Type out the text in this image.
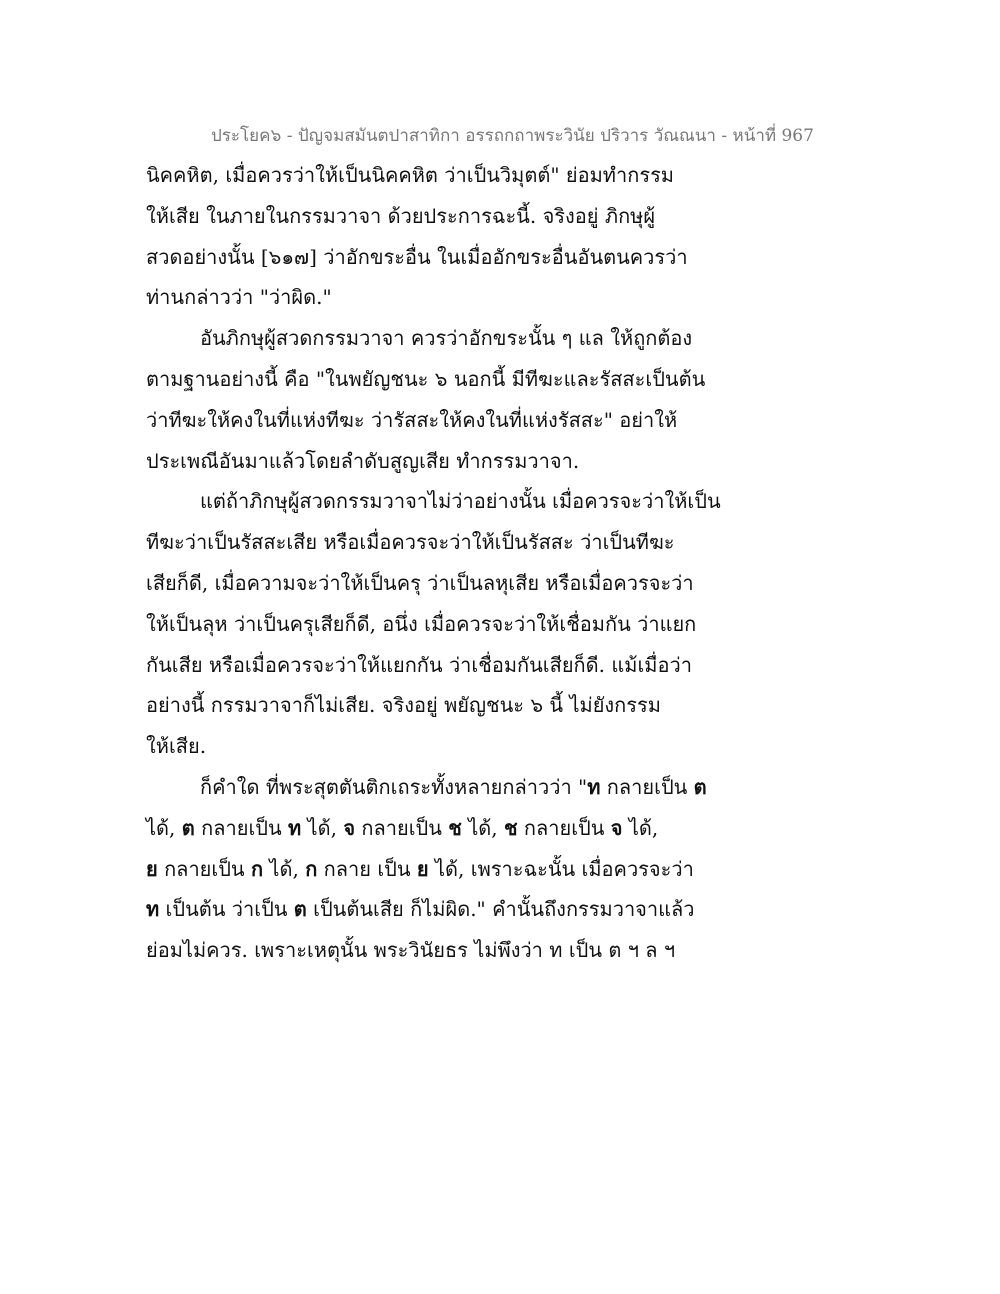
ประโยค๖ - ปัญจมสมันตปาสาทิกา อรรถกถาพระวินัย ปริวาร วัณณนา - หน้าที่ 967
นิคคหิต, เมื่อควรว่าให้เป็นนิคคหิต ว่าเป็นวิมุตต์" ย่อมทำกรรม
ให้เสีย ในภายในกรรมวาจา ด้วยประการฉะนี้. จริงอยู่ ภิกษุผู้
สวดอย่างนั้น [๖๑๗] ว่าอักขระอื่น ในเมื่ออักขระอื่นอันตนควรว่า
ท่านกล่าวว่า "ว่าผิด."
อันภิกษุผู้สวดกรรมวาจา ควรว่าอักขระนั้น ๆ แล ให้ถูกต้อง
ตามฐานอย่างนี้ คือ "ในพยัญชนะ ๖ นอกนี้ มีทีฆะและรัสสะเป็นต้น
ว่าทีฆะให้คงในที่แห่งทีฆะ ว่ารัสสะให้คงในที่แห่งรัสสะ" อย่าให้
ประเพณีอันมาแล้วโดยลำดับสูญเสีย ทำกรรมวาจา.
แต่ถ้าภิกษุผู้สวดกรรมวาจาไม่ว่าอย่างนั้น เมื่อควรจะว่าให้เป็น
ทีฆะว่าเป็นรัสสะเสีย หรือเมื่อควรจะว่าให้เป็นรัสสะ ว่าเป็นทีฆะ
เสียก็ดี, เมื่อความจะว่าให้เป็นครุ ว่าเป็นลหุเสีย หรือเมื่อควรจะว่า
ให้เป็นลุห ว่าเป็นครุเสียก็ดี, อนึ่ง เมื่อควรจะว่าให้เชื่อมกัน ว่าแยก
กันเสีย หรือเมื่อควรจะว่าให้แยกกัน ว่าเชื่อมกันเสียก็ดี. แม้เมื่อว่า
อย่างนี้ กรรมวาจาก็ไม่เสีย. จริงอยู่ พยัญชนะ ๖ นี้ ไม่ยังกรรม
ให้เสีย.
ก็คำใด ที่พระสุตตันติกเถระทั้งหลายกล่าวว่า "ท กลายเป็น ต
ได้, ต กลายเป็น ท ได้, จ กลายเป็น ช ได้, ช กลายเป็น จ ได้,
ย กลายเป็น ก ได้, ก กลาย เป็น ย ได้, เพราะฉะนั้น เมื่อควรจะว่า
ท เป็นต้น ว่าเป็น ต เป็นต้นเสีย ก็ไม่ผิด." คำนั้นถึงกรรมวาจาแล้ว
ย่อมไม่ควร. เพราะเหตุนั้น พระวินัยธร ไม่พึงว่า ท เป็น ต ฯ ล ฯ
